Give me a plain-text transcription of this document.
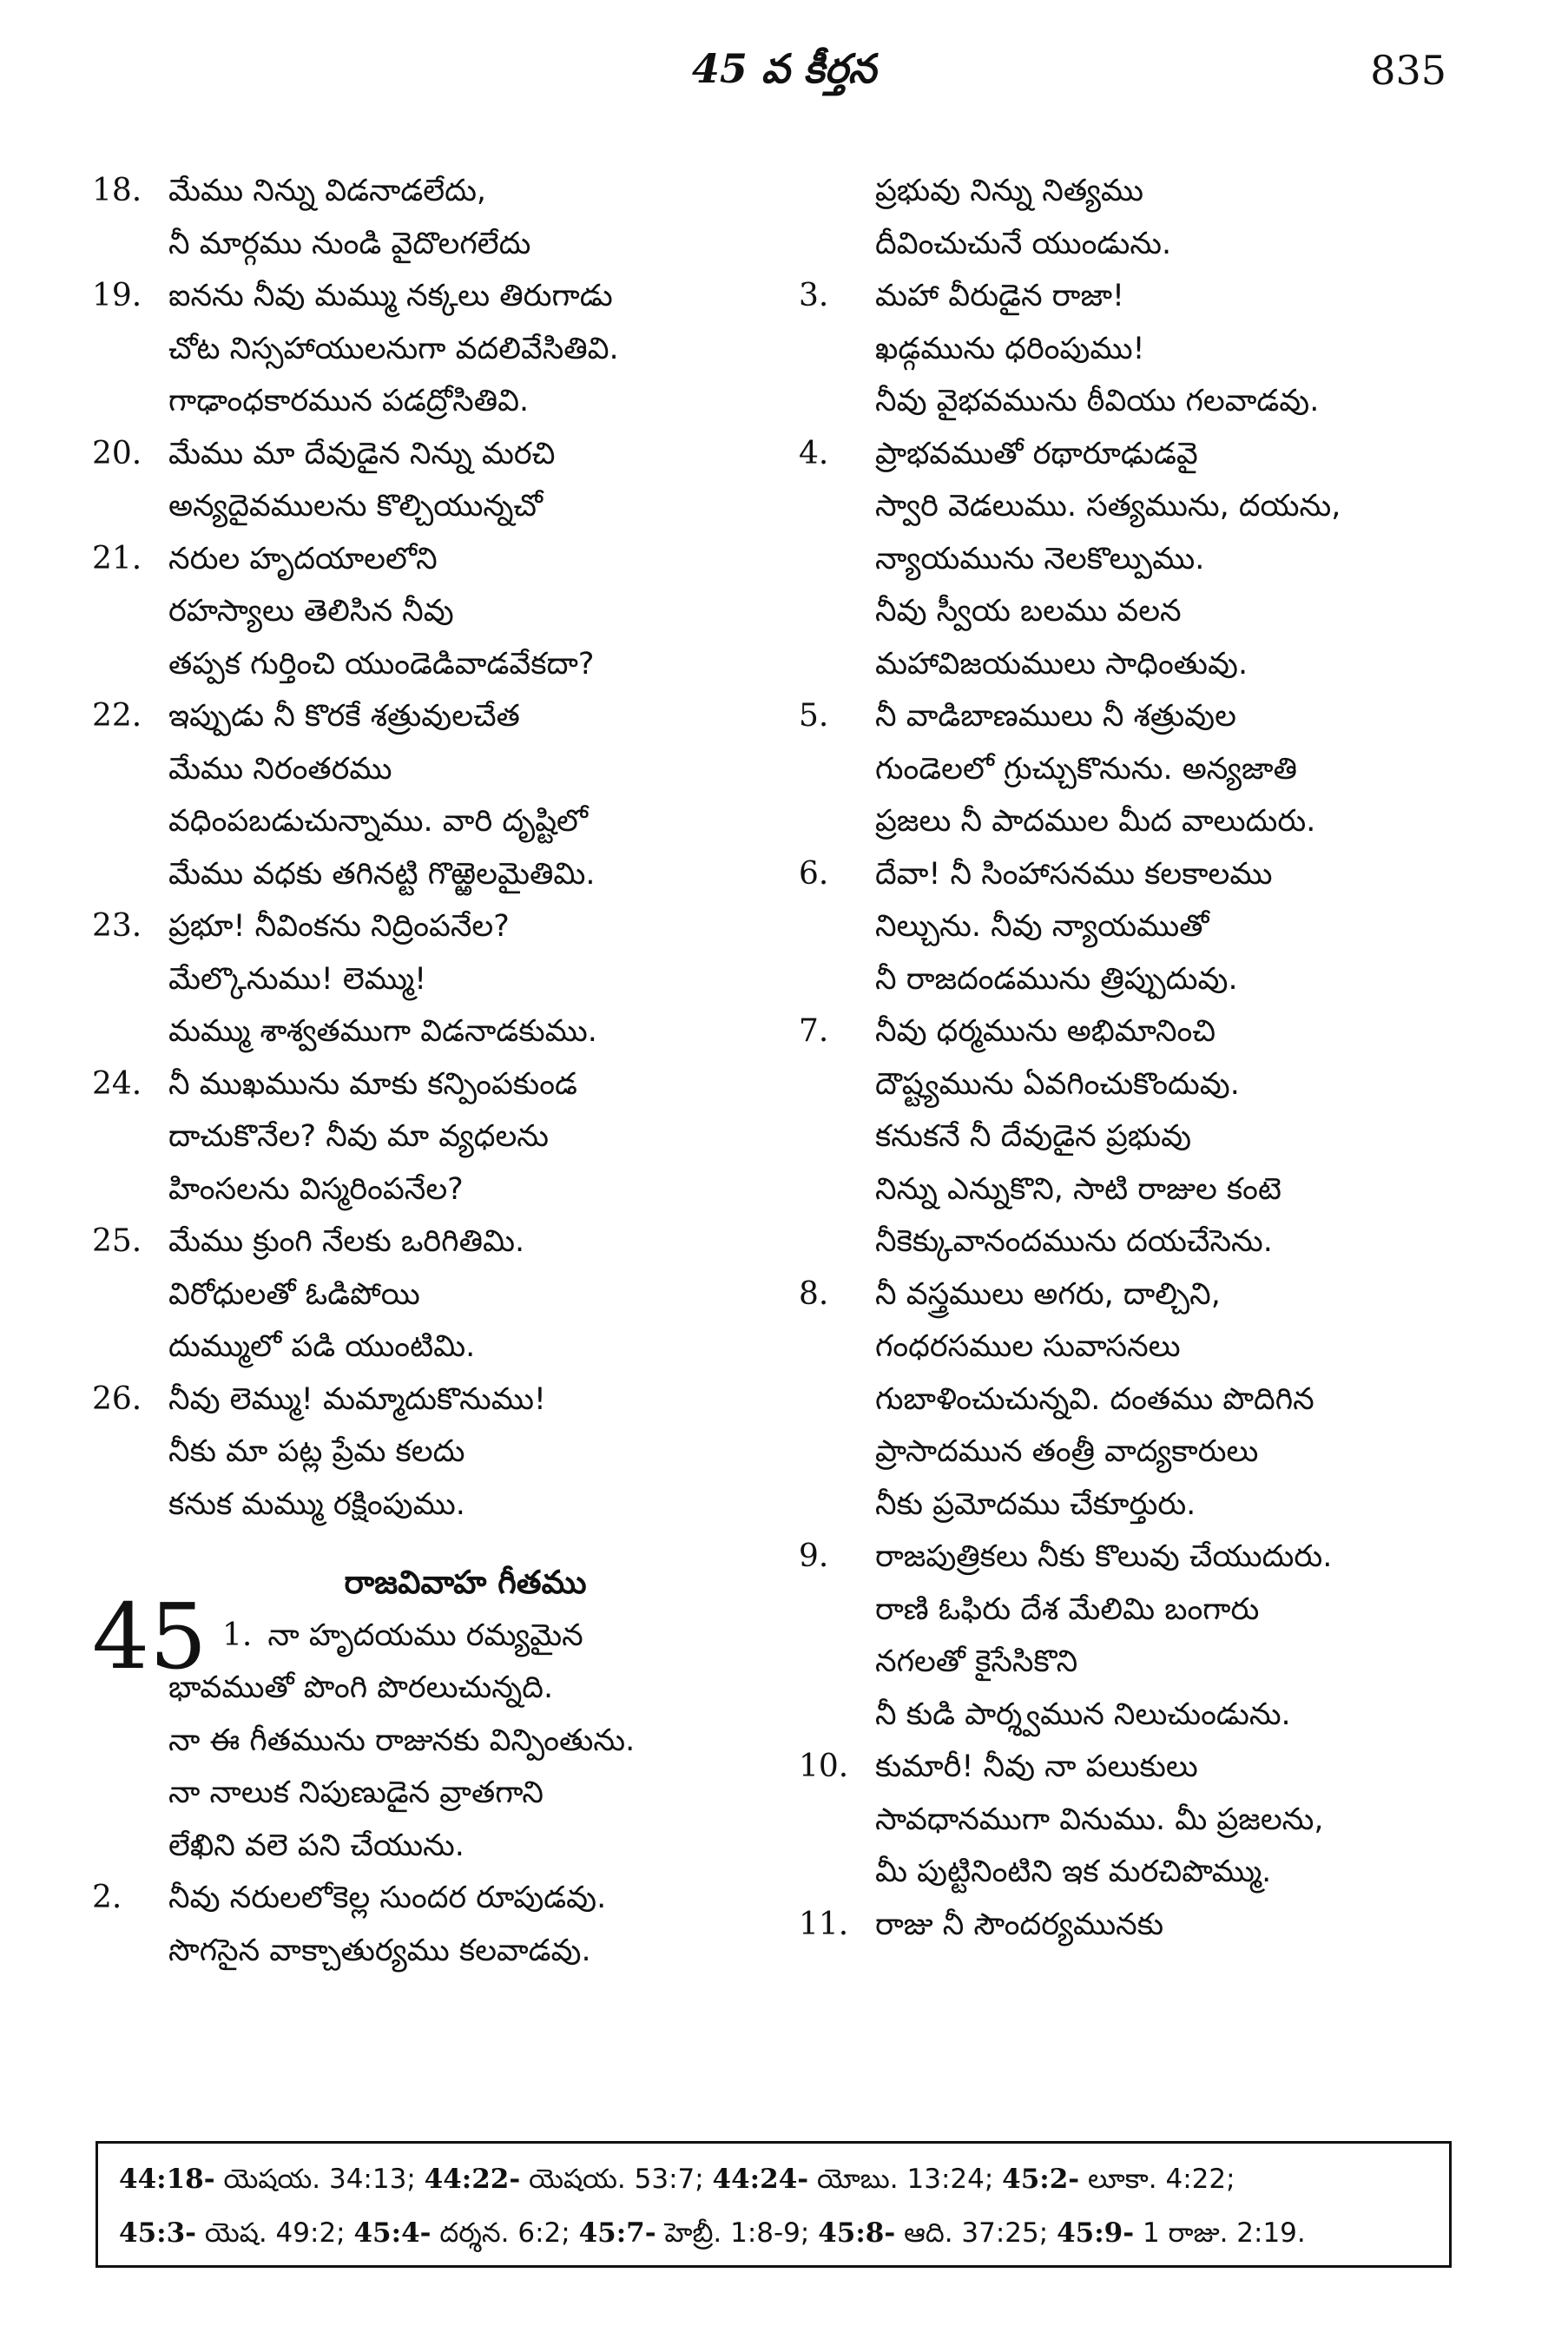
45 వ కీర్తన	835
18. మేము నిన్ను విడనాడలేదు,
నీ మార్గము నుండి వైదొలగలేదు
19. ఐనను నీవు మమ్ము నక్కలు తిరుగాడు
చోట నిస్సహాయులనుగా వదలివేసితివి.
గాఢాంధకారమున పడద్రోసితివి.
20. మేము మా దేవుడైన నిన్ను మరచి
అన్యదైవములను కొల్చియున్నచో
21. నరుల హృదయాలలోని
రహస్యాలు తెలిసిన నీవు
తప్పక గుర్తించి యుండెడివాడవేకదా?
22. ఇప్పుడు నీ కొరకే శత్రువులచేత
మేము నిరంతరము
వధింపబడుచున్నాము. వారి దృష్టిలో
మేము వధకు తగినట్టి గొఱ్ఱెలమైతిమి.
23. ప్రభూ! నీవింకను నిద్రింపనేల?
మేల్కొనుము! లెమ్ము!
మమ్ము శాశ్వతముగా విడనాడకుము.
24. నీ ముఖమును మాకు కన్పింపకుండ
దాచుకొనేల? నీవు మా వ్యధలను
హింసలను విస్మరింపనేల?
25. మేము క్రుంగి నేలకు ఒరిగితిమి.
విరోధులతో ఓడిపోయి
దుమ్ములో పడి యుంటిమి.
26. నీవు లెమ్ము! మమ్మాదుకొనుము!
నీకు మా పట్ల ప్రేమ కలదు
కనుక మమ్ము రక్షింపుము.
రాజవివాహ గీతము
45 1. నా హృదయము రమ్యమైన
భావముతో పొంగి పొరలుచున్నది.
నా ఈ గీతమును రాజునకు విన్పింతును.
నా నాలుక నిపుణుడైన వ్రాతగాని
లేఖిని వలె పని చేయును.
2. నీవు నరులలోకెల్ల సుందర రూపుడవు.
సొగసైన వాక్చాతుర్యము కలవాడవు.
ప్రభువు నిన్ను నిత్యము
దీవించుచునే యుండును.
3. మహా వీరుడైన రాజా!
ఖడ్గమును ధరింపుము!
నీవు వైభవమును ఠీవియు గలవాడవు.
4. ప్రాభవముతో రథారూఢుడవై
స్వారి వెడలుము. సత్యమును, దయను,
న్యాయమును నెలకొల్పుము.
నీవు స్వీయ బలము వలన
మహావిజయములు సాధింతువు.
5. నీ వాడిబాణములు నీ శత్రువుల
గుండెలలో గ్రుచ్చుకొనును. అన్యజాతి
ప్రజలు నీ పాదముల మీద వాలుదురు.
6. దేవా! నీ సింహాసనము కలకాలము
నిల్చును. నీవు న్యాయముతో
నీ రాజదండమును త్రిప్పుదువు.
7. నీవు ధర్మమును అభిమానించి
దౌష్ట్యమును ఏవగించుకొందువు.
కనుకనే నీ దేవుడైన ప్రభువు
నిన్ను ఎన్నుకొని, సాటి రాజుల కంటె
నీకెక్కువానందమును దయచేసెను.
8. నీ వస్త్రములు అగరు, దాల్చిని,
గంధరసముల సువాసనలు
గుబాళించుచున్నవి. దంతము పొదిగిన
ప్రాసాదమున తంత్రీ వాద్యకారులు
నీకు ప్రమోదము చేకూర్తురు.
9. రాజపుత్రికలు నీకు కొలువు చేయుదురు.
రాణి ఓఫిరు దేశ మేలిమి బంగారు
నగలతో కైసేసికొని
నీ కుడి పార్శ్వమున నిలుచుండును.
10. కుమారీ! నీవు నా పలుకులు
సావధానముగా వినుము. మీ ప్రజలను,
మీ పుట్టినింటిని ఇక మరచిపొమ్ము.
11. రాజు నీ సౌందర్యమునకు
44:18- యెషయ. 34:13; 44:22- యెషయ. 53:7; 44:24- యోబు. 13:24; 45:2- లూకా. 4:22;
45:3- యెష. 49:2; 45:4- దర్శన. 6:2; 45:7- హెబ్రీ. 1:8-9; 45:8- ఆది. 37:25; 45:9- 1 రాజు. 2:19.
